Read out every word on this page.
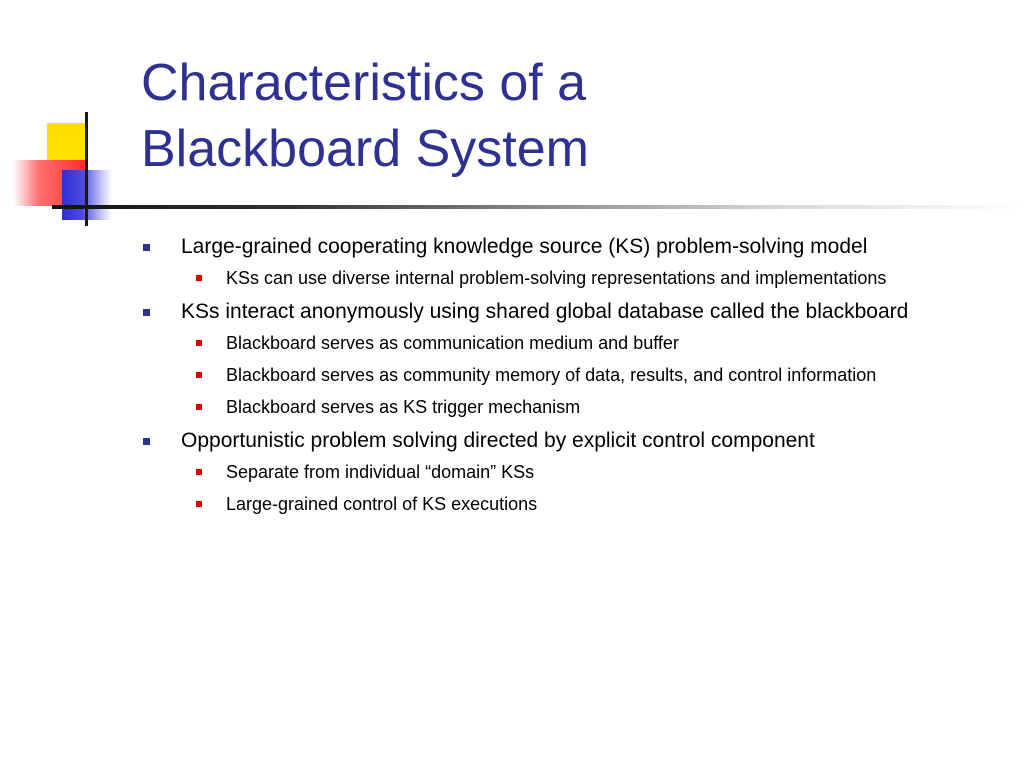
Characteristics of a
Blackboard System
Large-grained cooperating knowledge source (KS) problem-solving model
KSs can use diverse internal problem-solving representations and implementations
KSs interact anonymously using shared global database called the blackboard
Blackboard serves as communication medium and buffer
Blackboard serves as community memory of data, results, and control information
Blackboard serves as KS trigger mechanism
Opportunistic problem solving directed by explicit control component
Separate from individual “domain” KSs
Large-grained control of KS executions
